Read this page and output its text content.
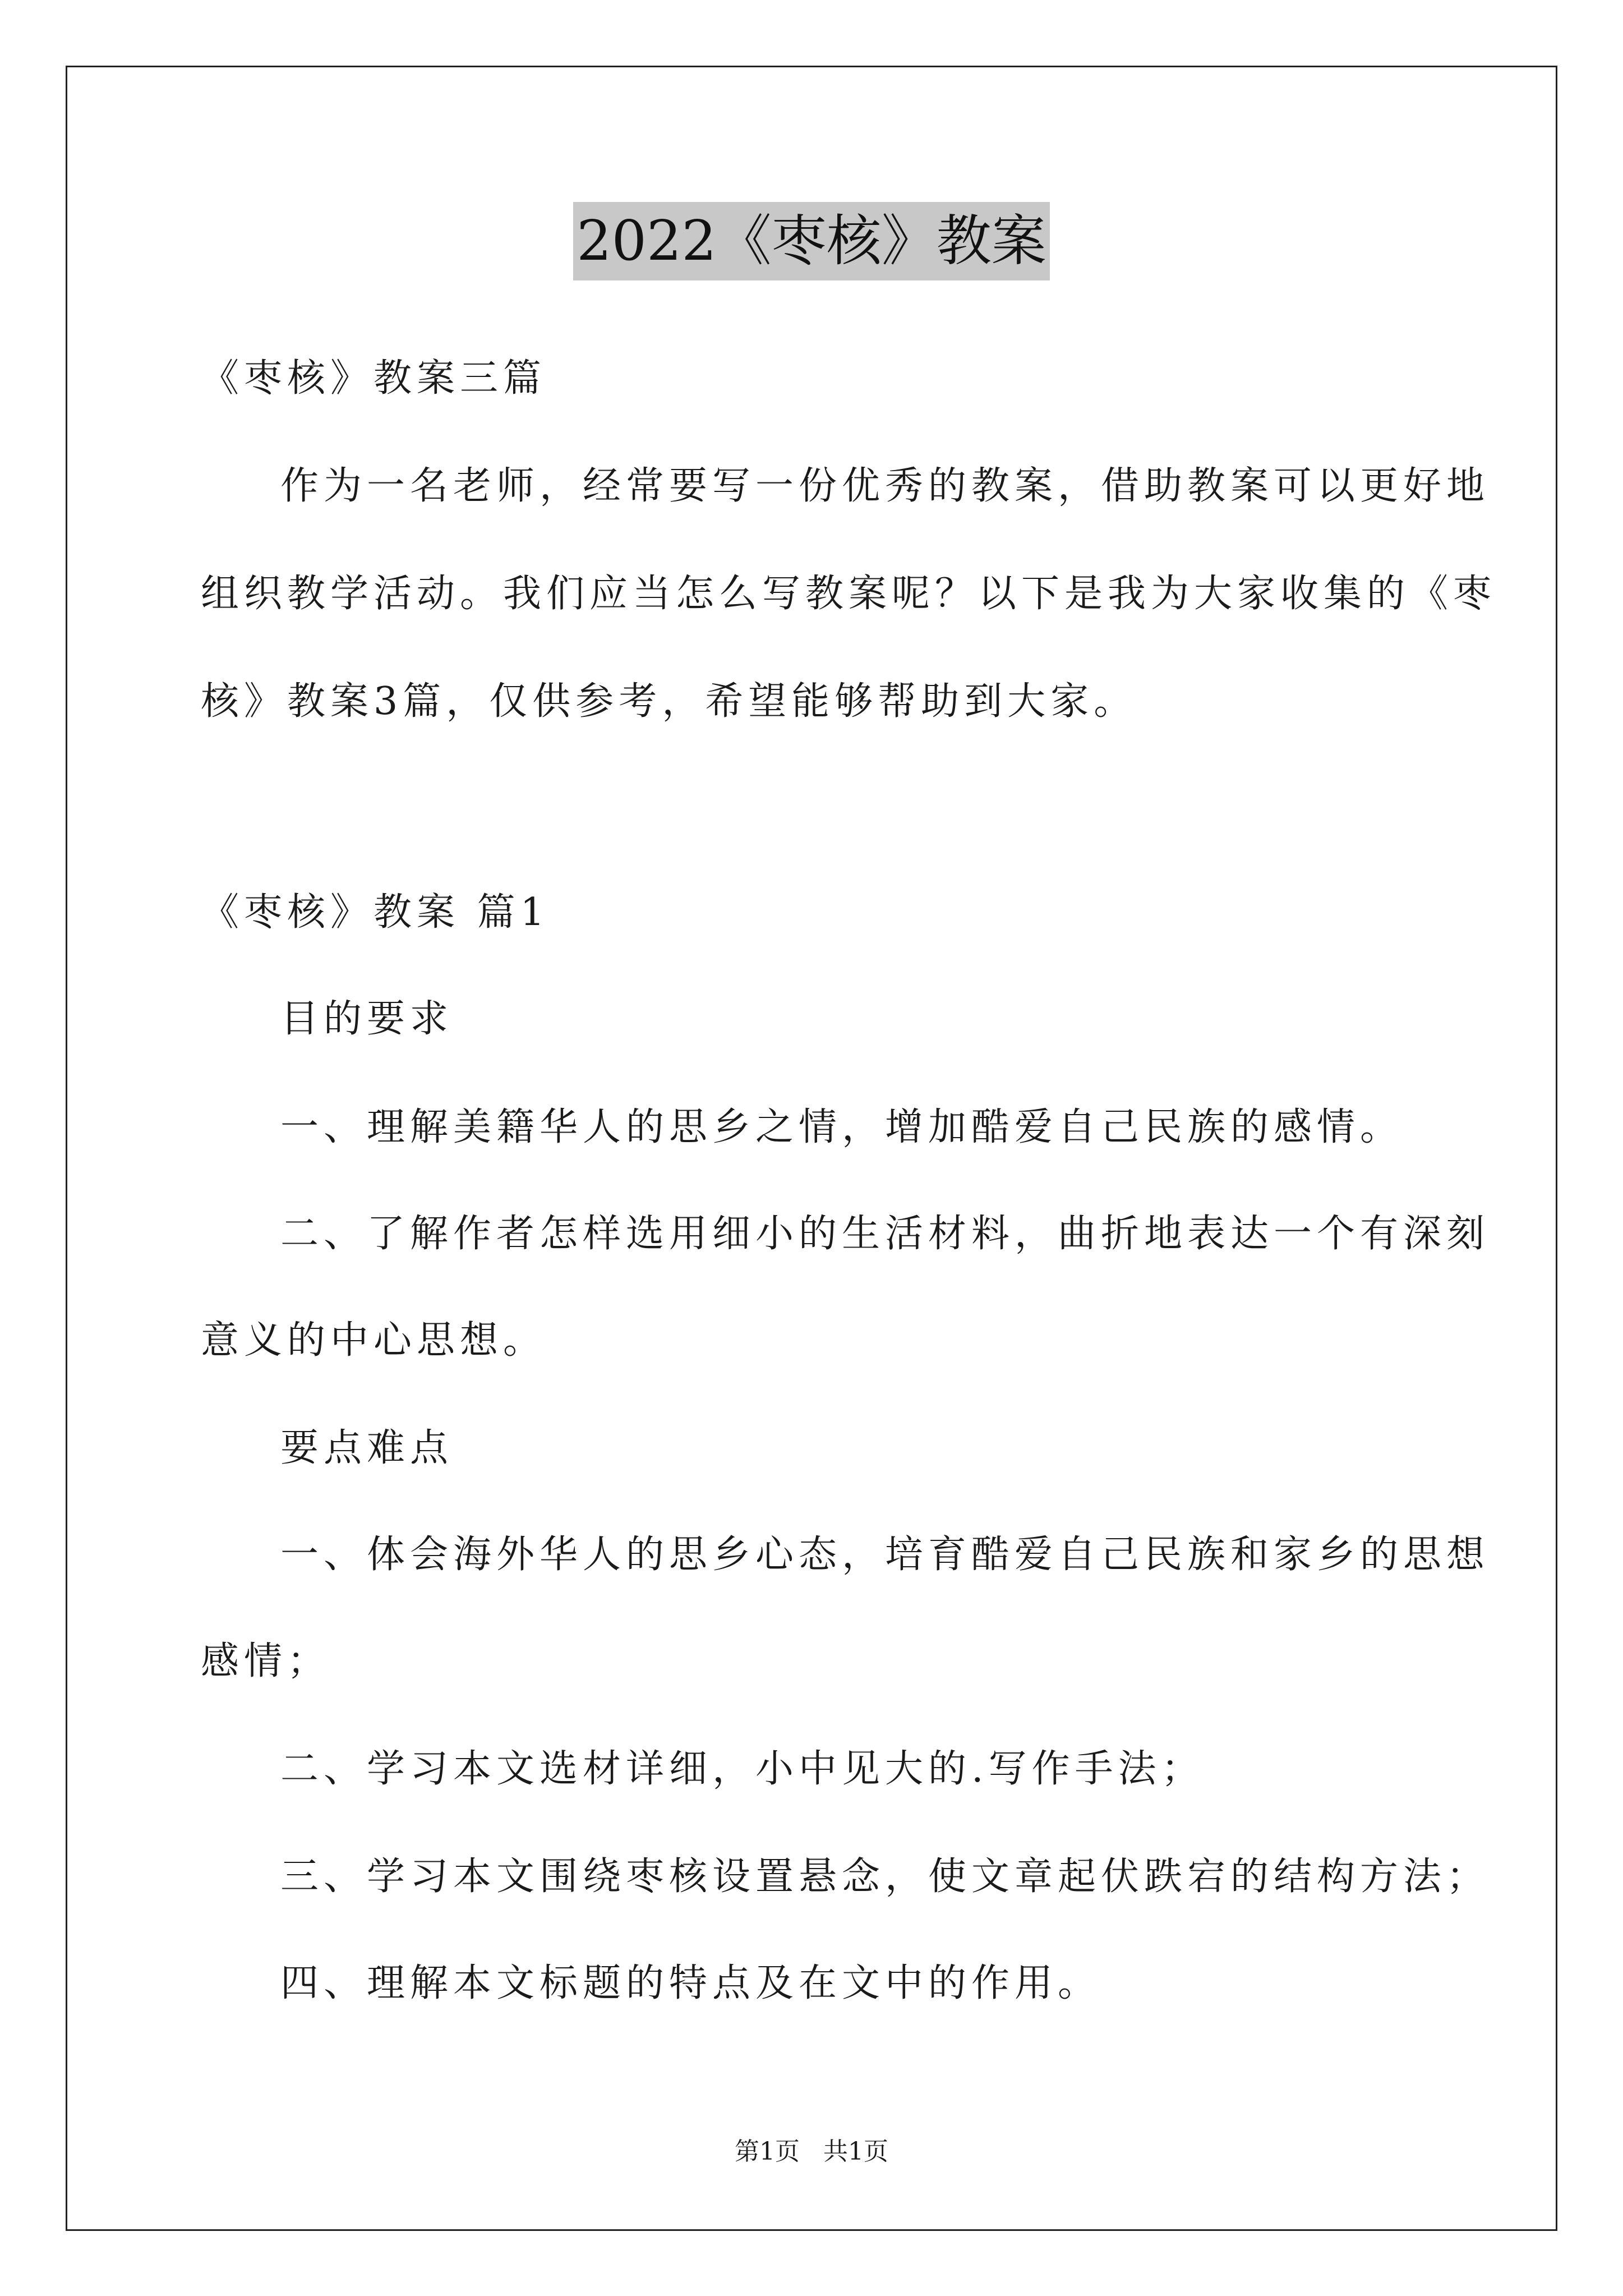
2022《枣核》教案
《枣核》教案三篇
作为一名老师，经常要写一份优秀的教案，借助教案可以更好地
组织教学活动。我们应当怎么写教案呢？以下是我为大家收集的《枣
核》教案3篇，仅供参考，希望能够帮助到大家。
《枣核》教案 篇1
目的要求
一、理解美籍华人的思乡之情，增加酷爱自己民族的感情。
二、了解作者怎样选用细小的生活材料，曲折地表达一个有深刻
意义的中心思想。
要点难点
一、体会海外华人的思乡心态，培育酷爱自己民族和家乡的思想
感情；
二、学习本文选材详细，小中见大的.写作手法；
三、学习本文围绕枣核设置悬念，使文章起伏跌宕的结构方法；
四、理解本文标题的特点及在文中的作用。
第1页   共1页
